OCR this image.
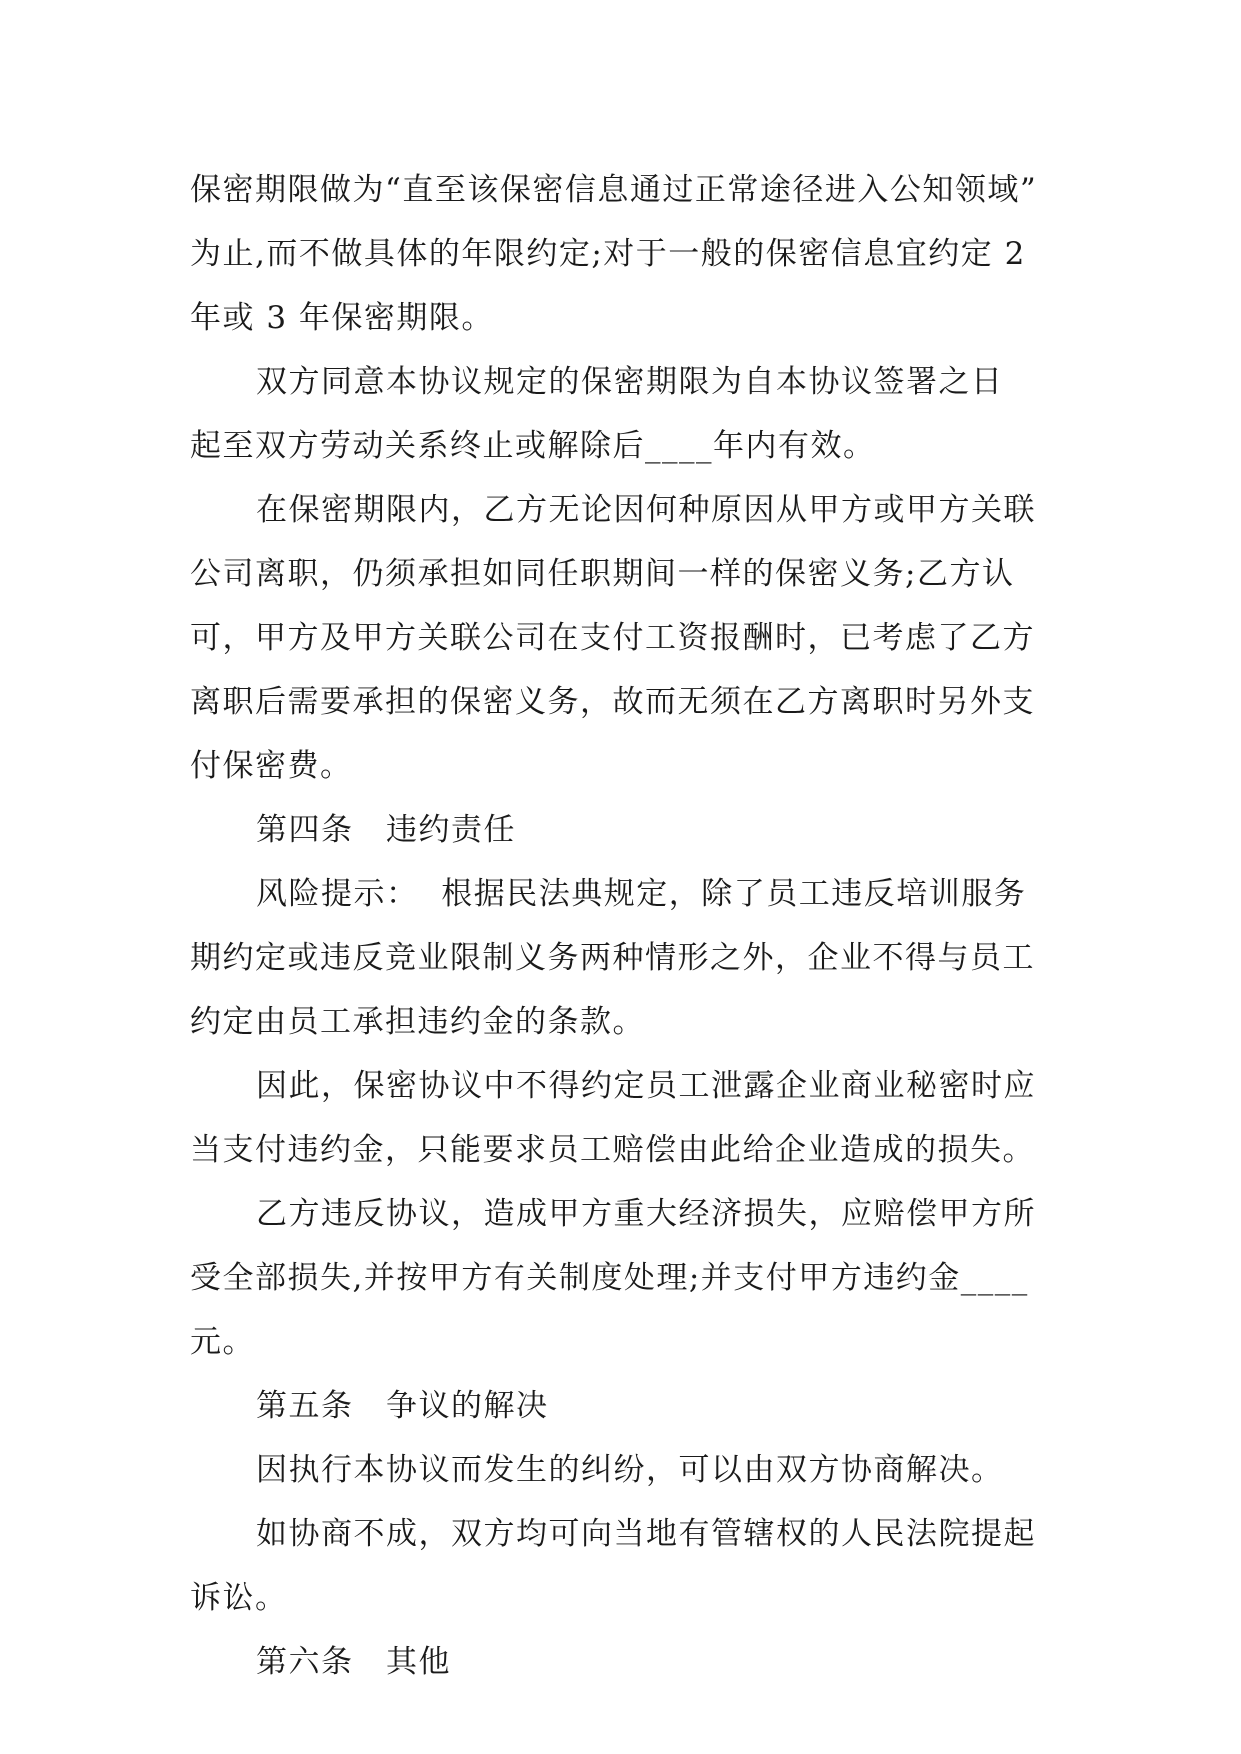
保密期限做为“直至该保密信息通过正常途径进入公知领域”
为止,而不做具体的年限约定;对于一般的保密信息宜约定 2
年或 3 年保密期限。
双方同意本协议规定的保密期限为自本协议签署之日
起至双方劳动关系终止或解除后____年内有效。
在保密期限内，乙方无论因何种原因从甲方或甲方关联
公司离职，仍须承担如同任职期间一样的保密义务;乙方认
可，甲方及甲方关联公司在支付工资报酬时，已考虑了乙方
离职后需要承担的保密义务，故而无须在乙方离职时另外支
付保密费。
第四条　违约责任
风险提示：  根据民法典规定，除了员工违反培训服务
期约定或违反竞业限制义务两种情形之外，企业不得与员工
约定由员工承担违约金的条款。
因此，保密协议中不得约定员工泄露企业商业秘密时应
当支付违约金，只能要求员工赔偿由此给企业造成的损失。
乙方违反协议，造成甲方重大经济损失，应赔偿甲方所
受全部损失,并按甲方有关制度处理;并支付甲方违约金____
元。
第五条　争议的解决
因执行本协议而发生的纠纷，可以由双方协商解决。
如协商不成，双方均可向当地有管辖权的人民法院提起
诉讼。
第六条　其他
